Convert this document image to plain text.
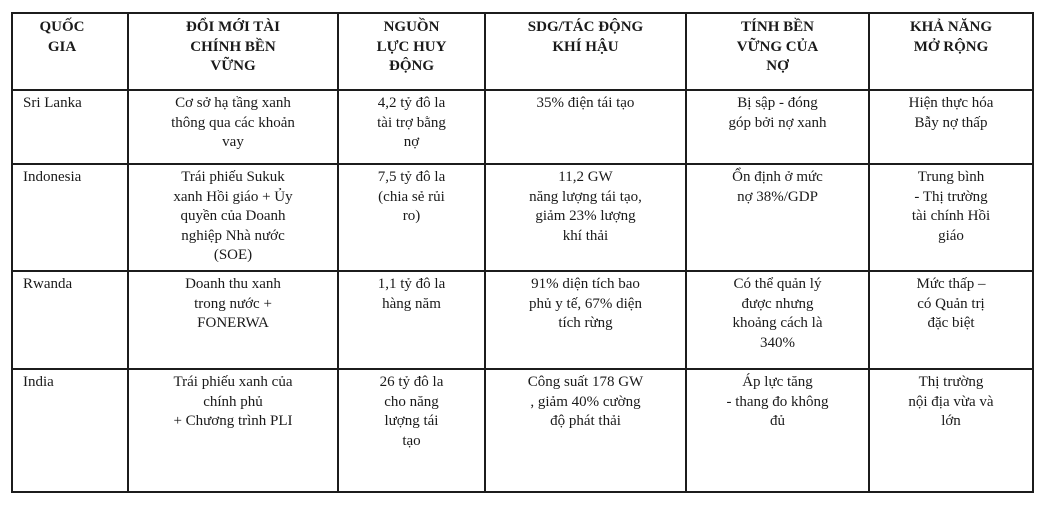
QUỐC
GIA	ĐỔI MỚI TÀI
CHÍNH BỀN
VỮNG	NGUỒN
LỰC HUY
ĐỘNG	SDG/TÁC ĐỘNG
KHÍ HẬU	TÍNH BỀN
VỮNG CỦA
NỢ	KHẢ NĂNG
MỞ RỘNG

Sri Lanka	Cơ sở hạ tầng xanh
thông qua các khoản
vay	4,2 tỷ đô la
tài trợ bằng
nợ	35% điện tái tạo	Bị sập - đóng
góp bởi nợ xanh	Hiện thực hóa
Bẫy nợ thấp

Indonesia	Trái phiếu Sukuk
xanh Hồi giáo + Ủy
quyền của Doanh
nghiệp Nhà nước
(SOE)	7,5 tỷ đô la
(chia sẻ rủi
ro)	11,2 GW
năng lượng tái tạo,
giảm 23% lượng
khí thải	Ổn định ở mức
nợ 38%/GDP	Trung bình
- Thị trường
tài chính Hồi
giáo

Rwanda	Doanh thu xanh
trong nước +
FONERWA	1,1 tỷ đô la
hàng năm	91% diện tích bao
phủ y tế, 67% diện
tích rừng	Có thể quản lý
được nhưng
khoảng cách là
340%	Mức thấp –
có Quản trị
đặc biệt

India	Trái phiếu xanh của
chính phủ
+ Chương trình PLI	26 tỷ đô la
cho năng
lượng tái
tạo	Công suất 178 GW
, giảm 40% cường
độ phát thải	Áp lực tăng
- thang đo không
đủ	Thị trường
nội địa vừa và
lớn
